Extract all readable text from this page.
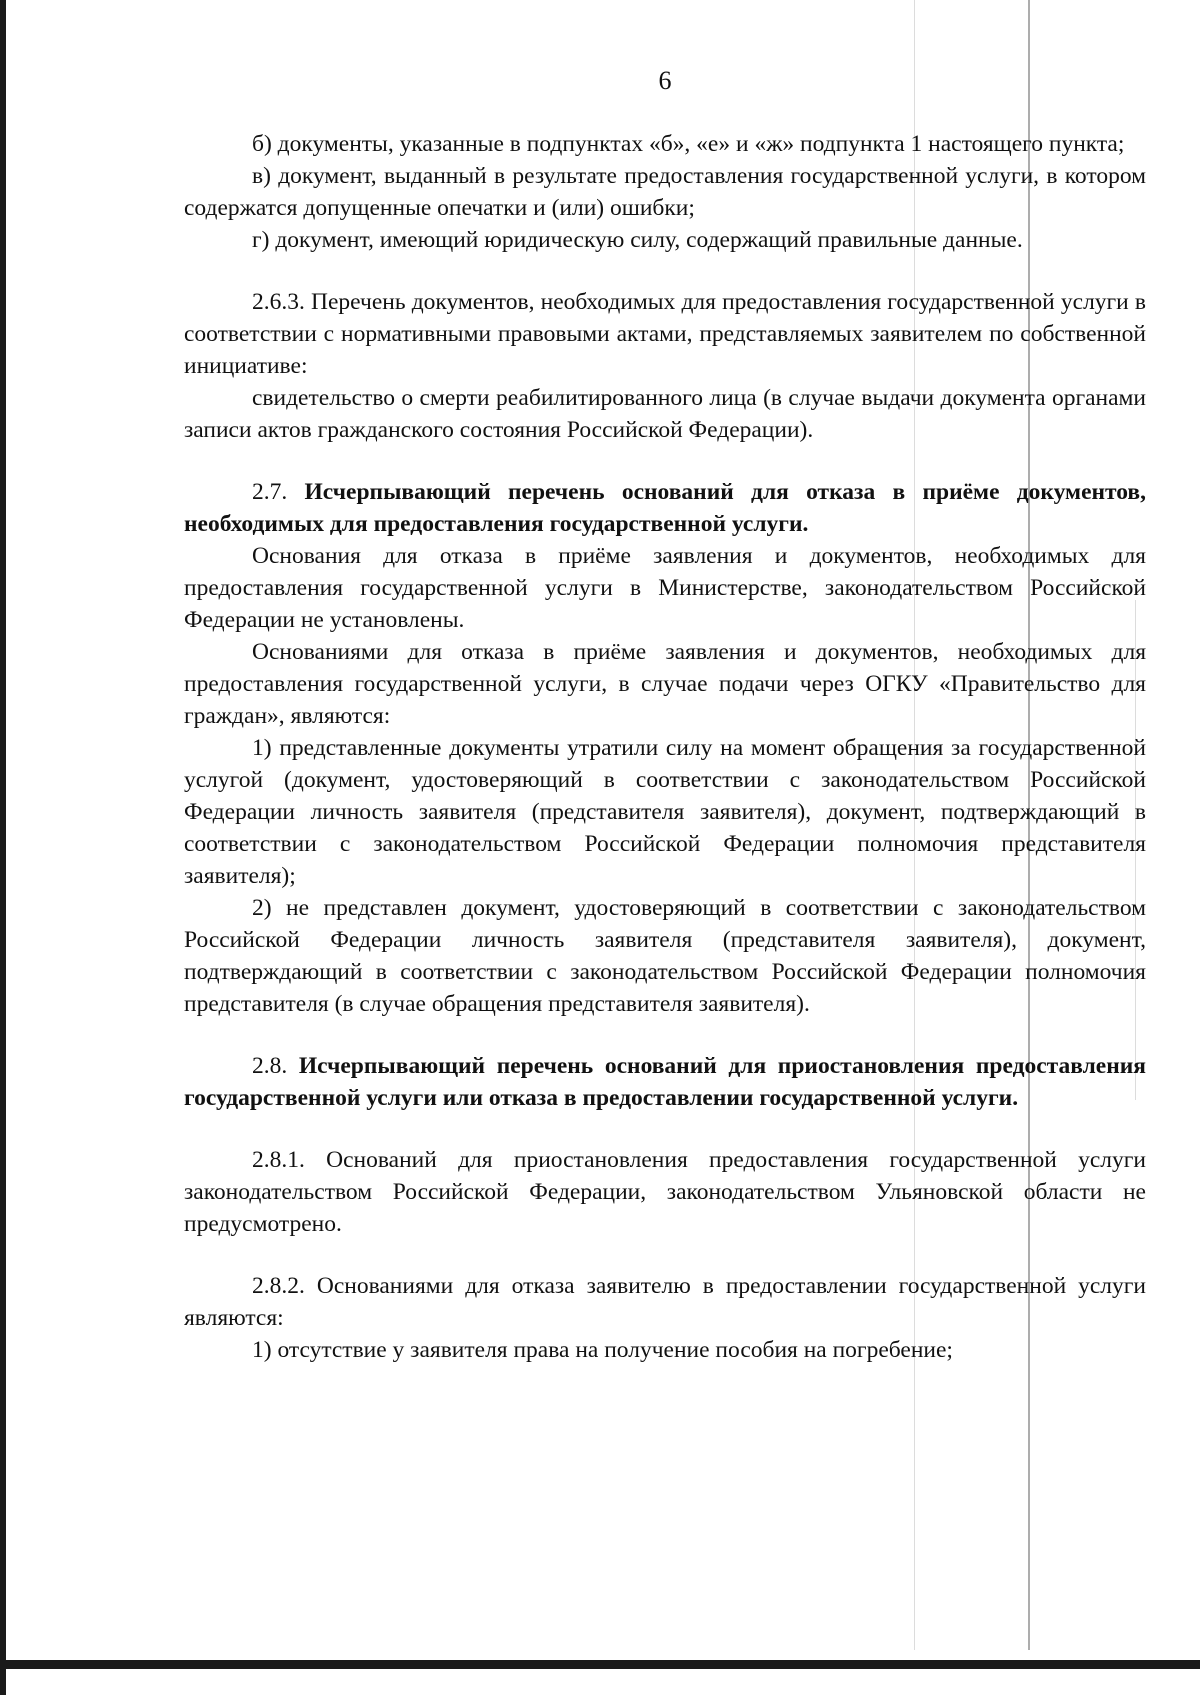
6

б) документы, указанные в подпунктах «б», «е» и «ж» подпункта 1 настоящего пункта;

в) документ, выданный в результате предоставления государственной услуги, в котором содержатся допущенные опечатки и (или) ошибки;

г) документ, имеющий юридическую силу, содержащий правильные данные.

2.6.3. Перечень документов, необходимых для предоставления государственной услуги в соответствии с нормативными правовыми актами, представляемых заявителем по собственной инициативе:

свидетельство о смерти реабилитированного лица (в случае выдачи документа органами записи актов гражданского состояния Российской Федерации).

2.7. Исчерпывающий перечень оснований для отказа в приёме документов, необходимых для предоставления государственной услуги.

Основания для отказа в приёме заявления и документов, необходимых для предоставления государственной услуги в Министерстве, законодательством Российской Федерации не установлены.

Основаниями для отказа в приёме заявления и документов, необходимых для предоставления государственной услуги, в случае подачи через ОГКУ «Правительство для граждан», являются:

1) представленные документы утратили силу на момент обращения за государственной услугой (документ, удостоверяющий в соответствии с законодательством Российской Федерации личность заявителя (представителя заявителя), документ, подтверждающий в соответствии с законодательством Российской Федерации полномочия представителя заявителя);

2) не представлен документ, удостоверяющий в соответствии с законодательством Российской Федерации личность заявителя (представителя заявителя), документ, подтверждающий в соответствии с законодательством Российской Федерации полномочия представителя (в случае обращения представителя заявителя).

2.8. Исчерпывающий перечень оснований для приостановления предоставления государственной услуги или отказа в предоставлении государственной услуги.

2.8.1. Оснований для приостановления предоставления государственной услуги законодательством Российской Федерации, законодательством Ульяновской области не предусмотрено.

2.8.2. Основаниями для отказа заявителю в предоставлении государственной услуги являются:

1) отсутствие у заявителя права на получение пособия на погребение;
